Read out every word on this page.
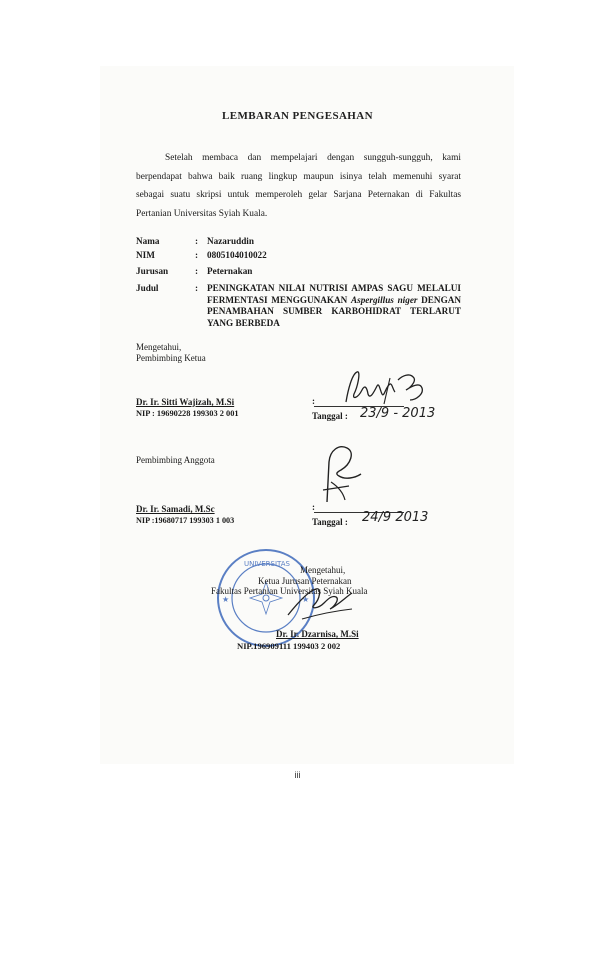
LEMBARAN PENGESAHAN
Setelah membaca dan mempelajari dengan sungguh-sungguh, kami
berpendapat bahwa baik ruang lingkup maupun isinya telah memenuhi syarat
sebagai suatu skripsi untuk memperoleh gelar Sarjana Peternakan di Fakultas
Pertanian Universitas Syiah Kuala.
Nama	: Nazaruddin
NIM	: 0805104010022
Jurusan	: Peternakan
Judul	: PENINGKATAN NILAI NUTRISI AMPAS SAGU MELALUI
FERMENTASI MENGGUNAKAN Aspergillus niger DENGAN
PENAMBAHAN SUMBER KARBOHIDRAT TERLARUT
YANG BERBEDA
Mengetahui,
Pembimbing Ketua
Dr. Ir. Sitti Wajizah, M.Si
NIP : 19690228 199303 2 001
:
Tanggal : 23/9 - 2013
Pembimbing Anggota
Dr. Ir. Samadi, M.Sc
NIP :19680717 199303 1 003
:
Tanggal : 24/9 2013
UNIVERSITAS
★	★
Mengetahui,
Ketua Jurusan Peternakan
Fakultas Pertanian Universitas Syiah Kuala
Dr. Ir. Dzarnisa, M.Si
NIP.196909111 199403 2 002
iii
